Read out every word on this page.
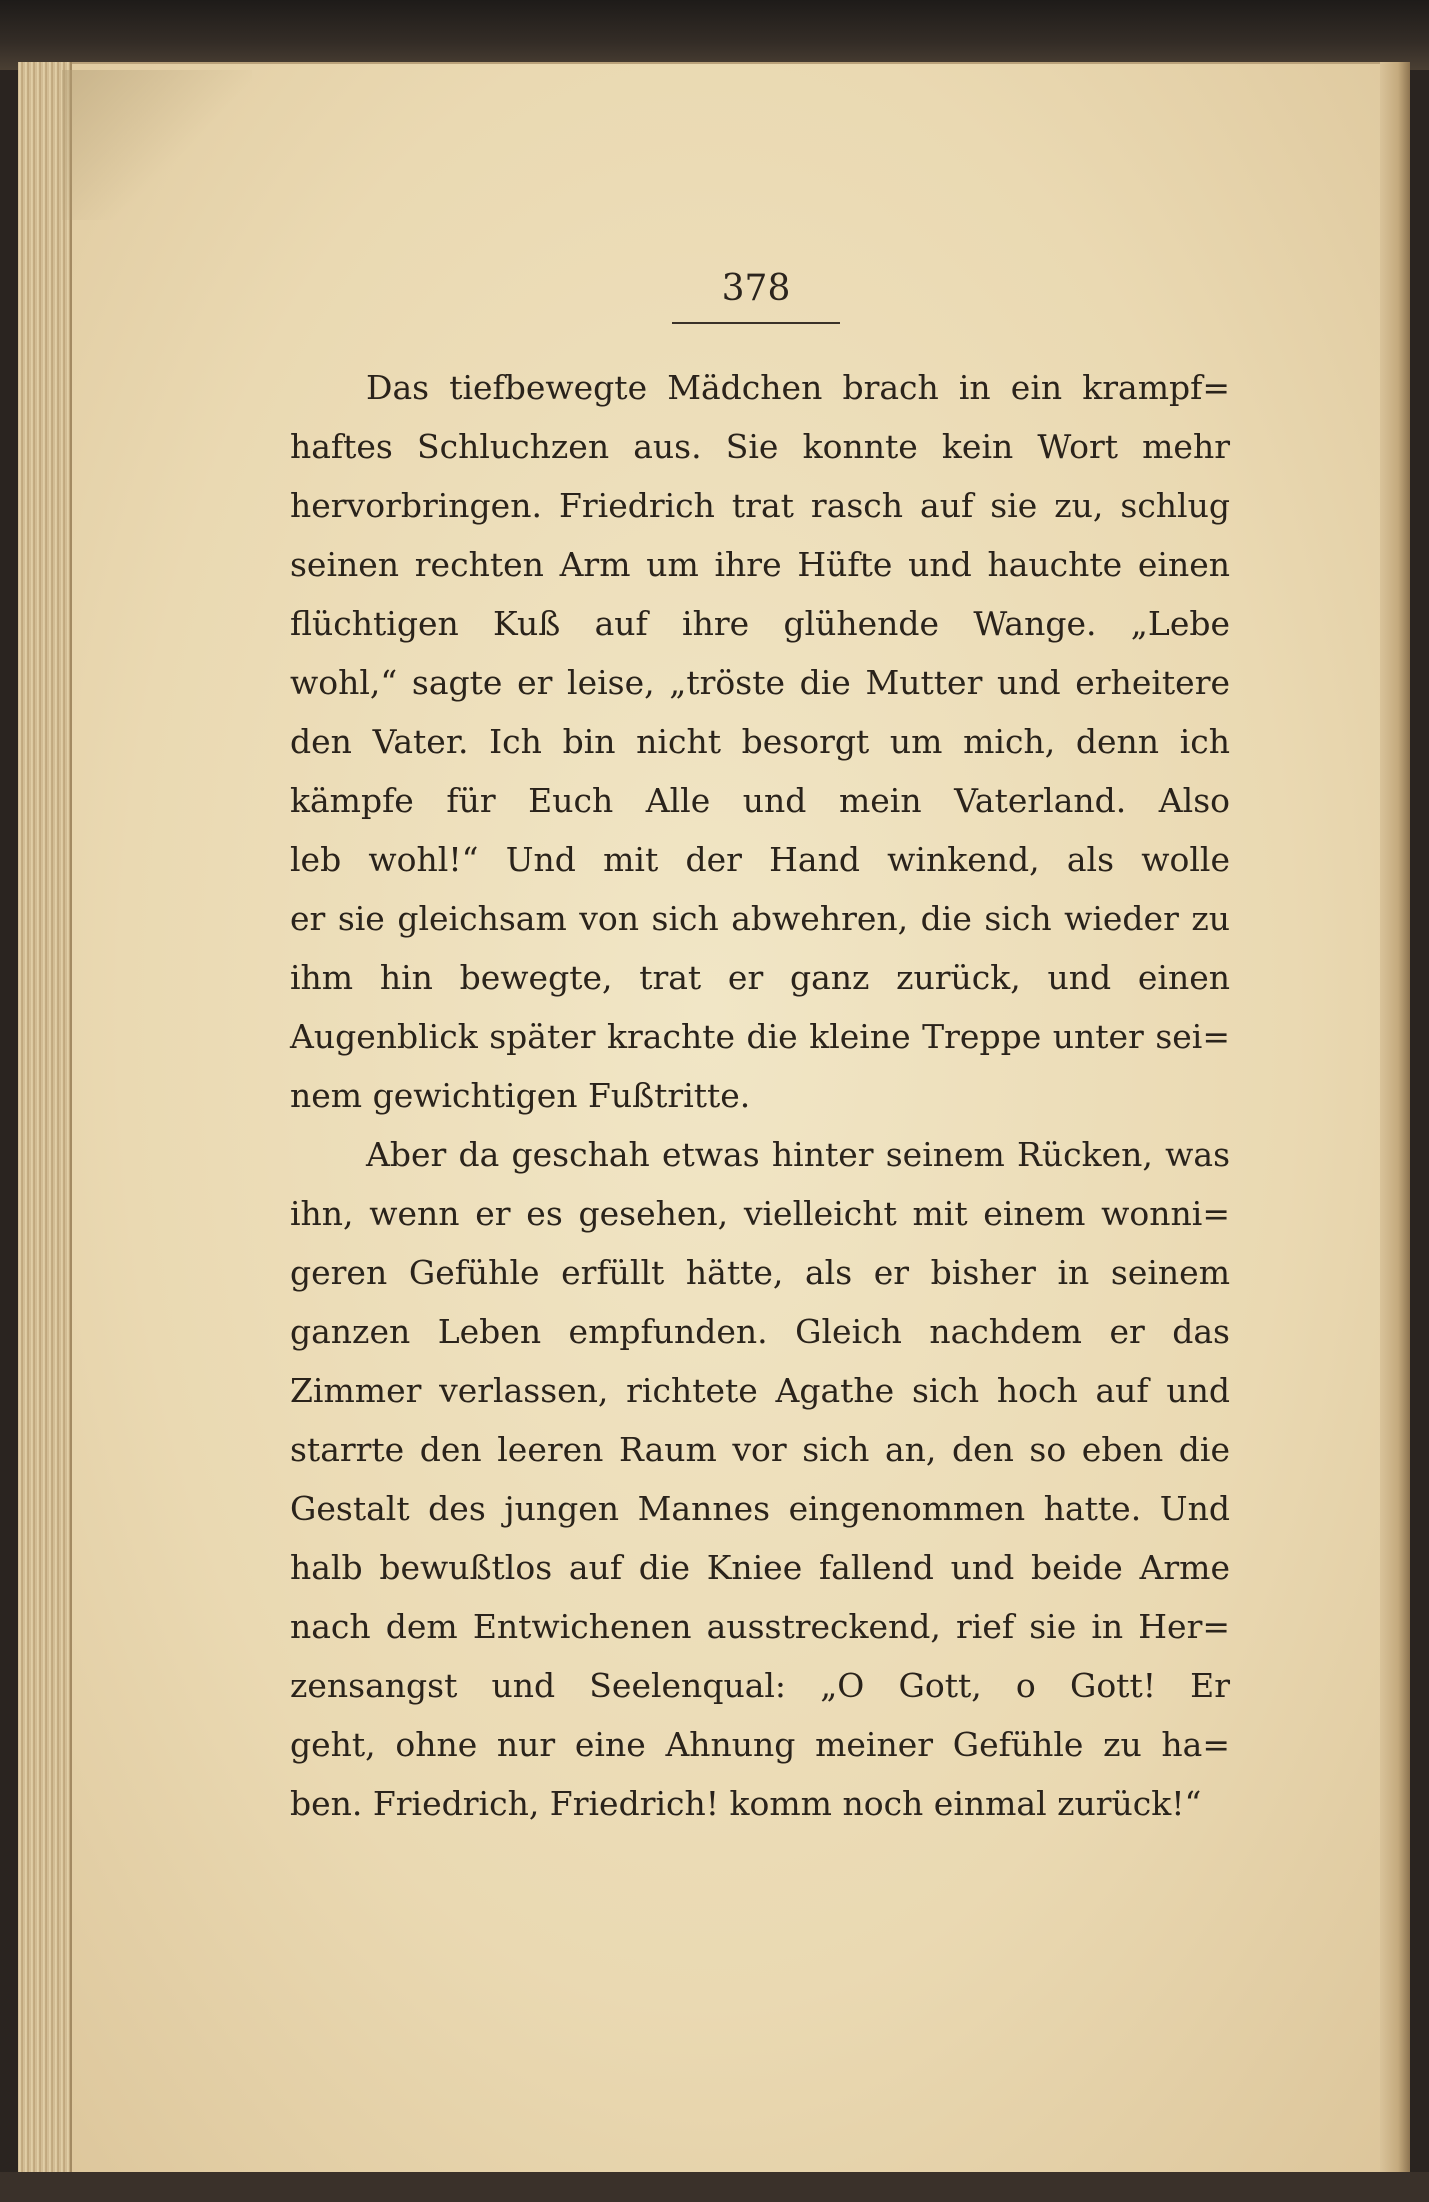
378
Das tiefbewegte Mädchen brach in ein krampf=
haftes Schluchzen aus. Sie konnte kein Wort mehr
hervorbringen. Friedrich trat rasch auf sie zu, schlug
seinen rechten Arm um ihre Hüfte und hauchte einen
flüchtigen Kuß auf ihre glühende Wange. „Lebe
wohl,“ sagte er leise, „tröste die Mutter und erheitere
den Vater. Ich bin nicht besorgt um mich, denn ich
kämpfe für Euch Alle und mein Vaterland. Also
leb wohl!“ Und mit der Hand winkend, als wolle
er sie gleichsam von sich abwehren, die sich wieder zu
ihm hin bewegte, trat er ganz zurück, und einen
Augenblick später krachte die kleine Treppe unter sei=
nem gewichtigen Fußtritte.
Aber da geschah etwas hinter seinem Rücken, was
ihn, wenn er es gesehen, vielleicht mit einem wonni=
geren Gefühle erfüllt hätte, als er bisher in seinem
ganzen Leben empfunden. Gleich nachdem er das
Zimmer verlassen, richtete Agathe sich hoch auf und
starrte den leeren Raum vor sich an, den so eben die
Gestalt des jungen Mannes eingenommen hatte. Und
halb bewußtlos auf die Kniee fallend und beide Arme
nach dem Entwichenen ausstreckend, rief sie in Her=
zensangst und Seelenqual: „O Gott, o Gott! Er
geht, ohne nur eine Ahnung meiner Gefühle zu ha=
ben. Friedrich, Friedrich! komm noch einmal zurück!“
